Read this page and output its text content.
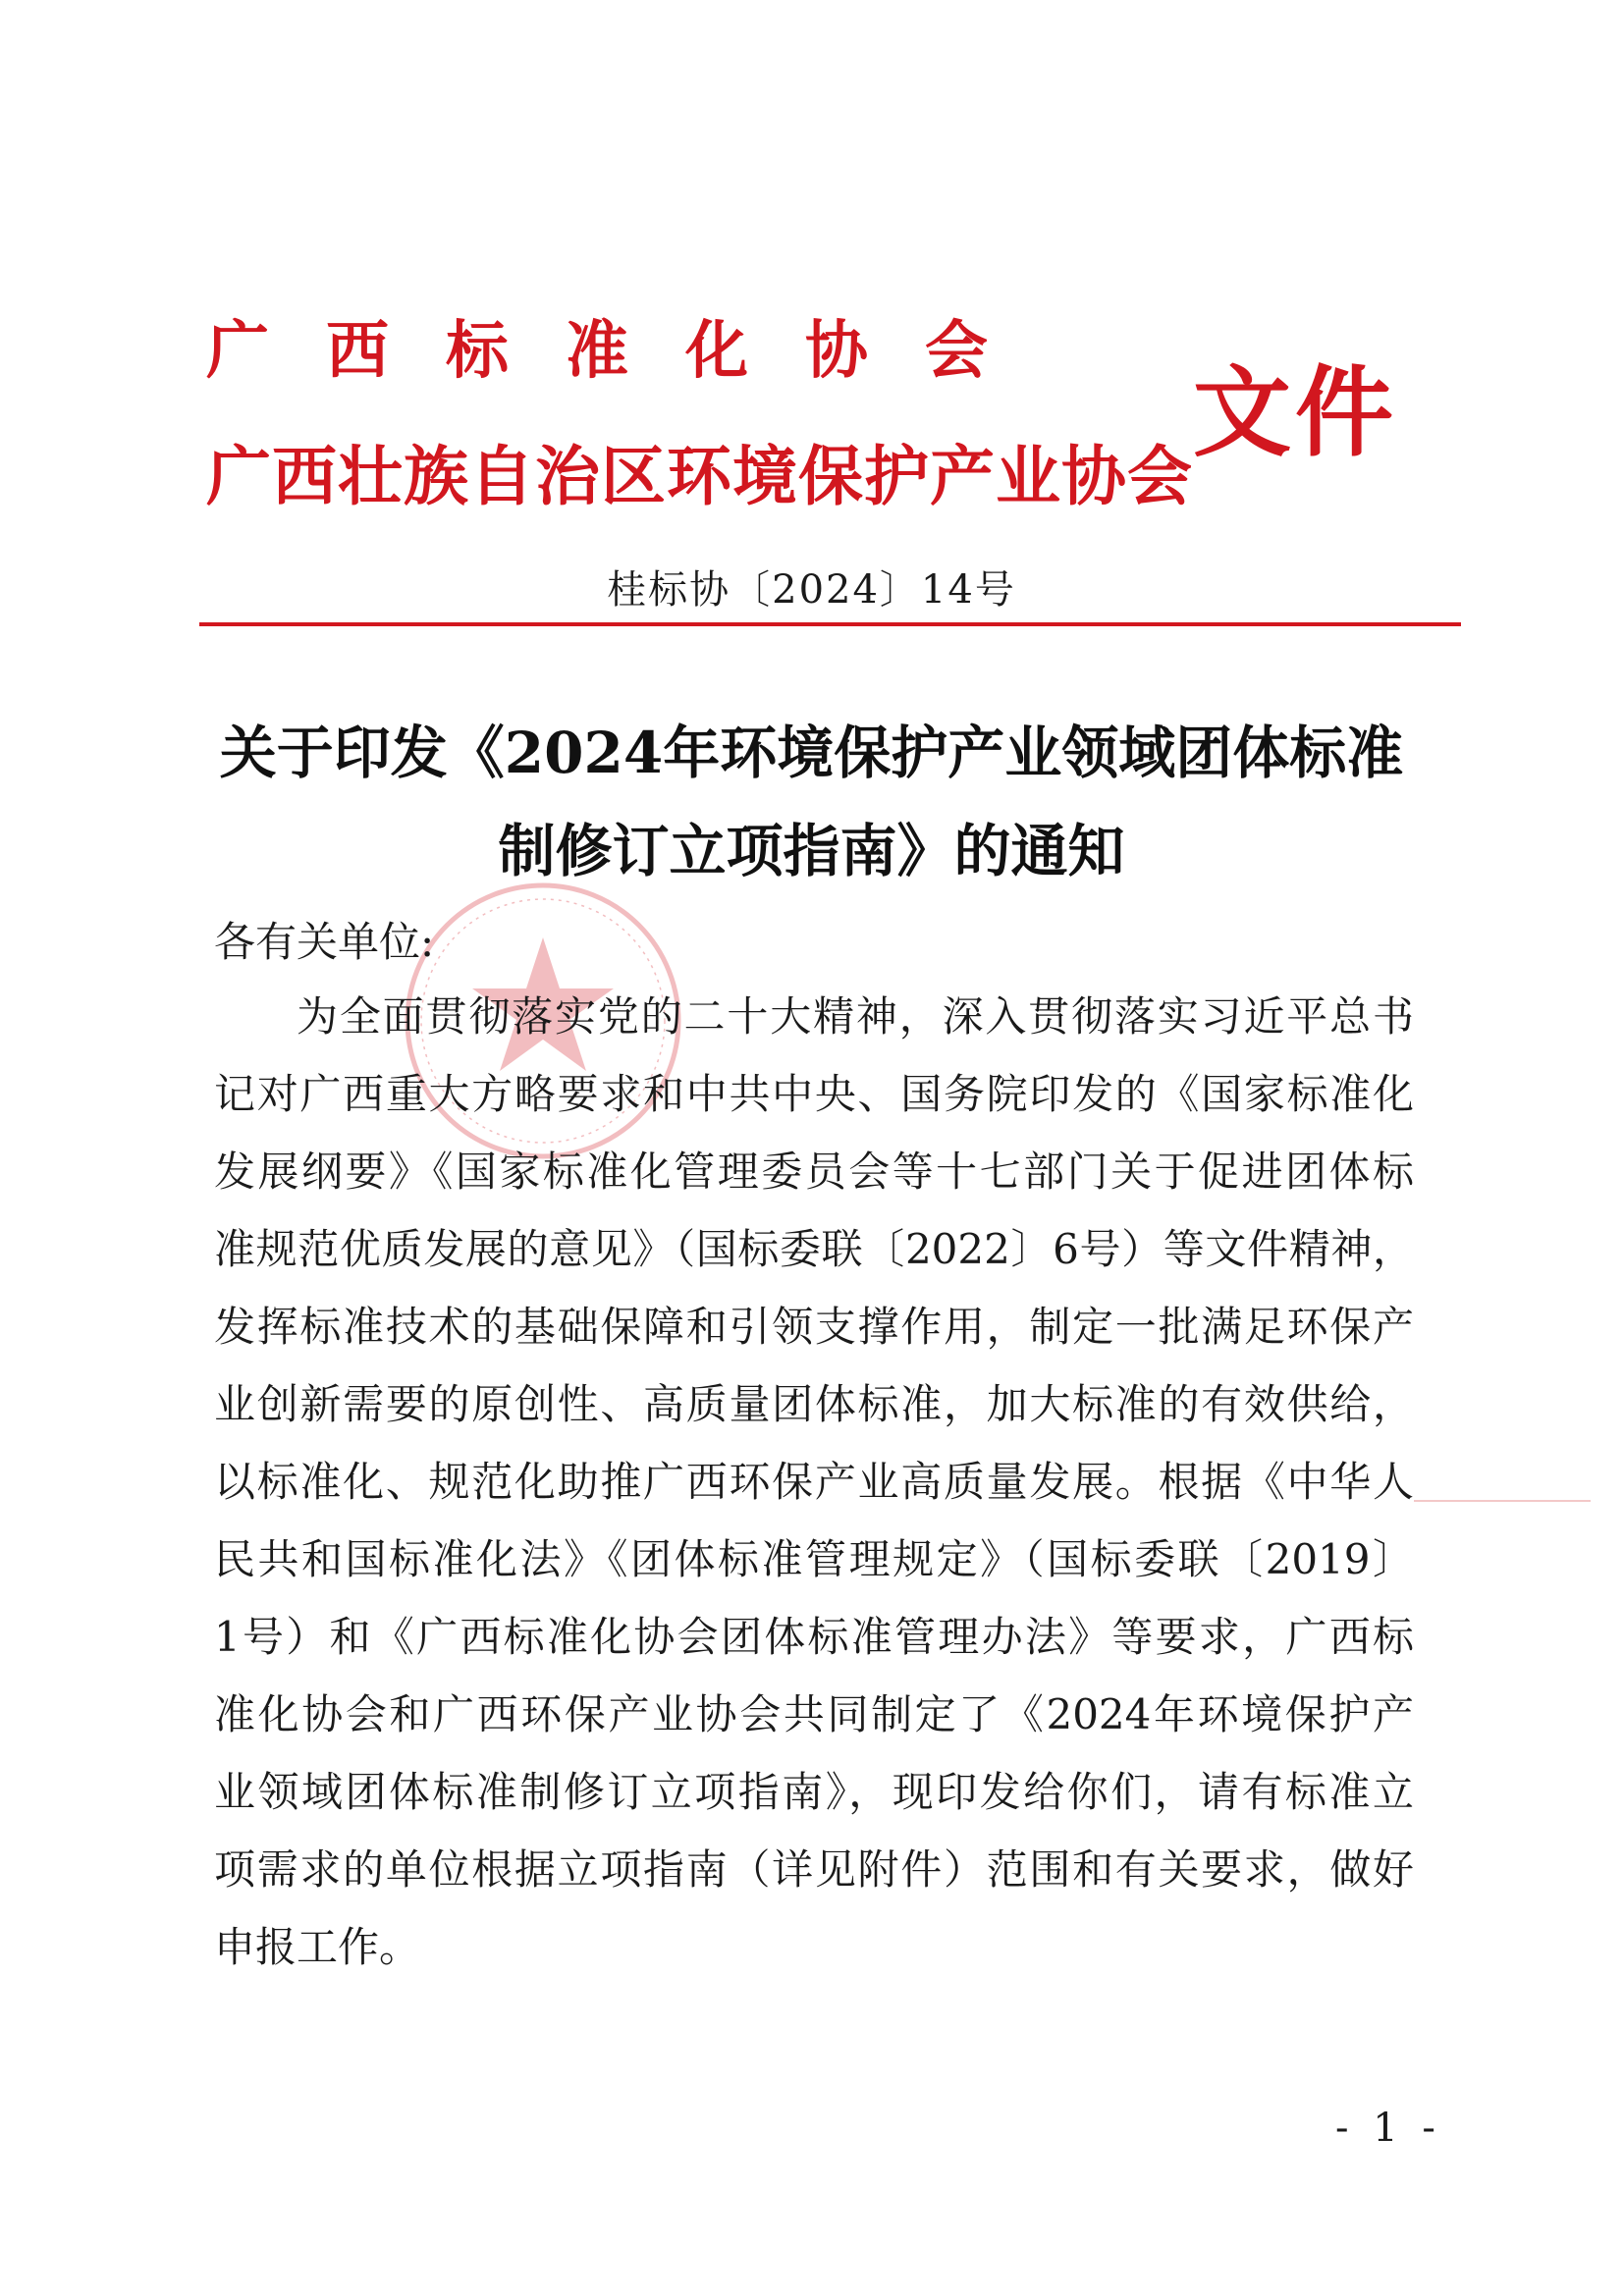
广西标准化协会
广西壮族自治区环境保护产业协会
文件
桂标协〔2024〕14号
关于印发《2024年环境保护产业领域团体标准
制修订立项指南》的通知
各有关单位:
为全面贯彻落实党的二十大精神，深入贯彻落实习近平总书
记对广西重大方略要求和中共中央、国务院印发的《国家标准化
发展纲要》《国家标准化管理委员会等十七部门关于促进团体标
准规范优质发展的意见》（国标委联〔2022〕6号）等文件精神，
发挥标准技术的基础保障和引领支撑作用，制定一批满足环保产
业创新需要的原创性、高质量团体标准，加大标准的有效供给，
以标准化、规范化助推广西环保产业高质量发展。根据《中华人
民共和国标准化法》《团体标准管理规定》（国标委联〔2019〕
1号）和《广西标准化协会团体标准管理办法》等要求，广西标
准化协会和广西环保产业协会共同制定了《2024年环境保护产
业领域团体标准制修订立项指南》，现印发给你们，请有标准立
项需求的单位根据立项指南（详见附件）范围和有关要求，做好
申报工作。
- 1 -
